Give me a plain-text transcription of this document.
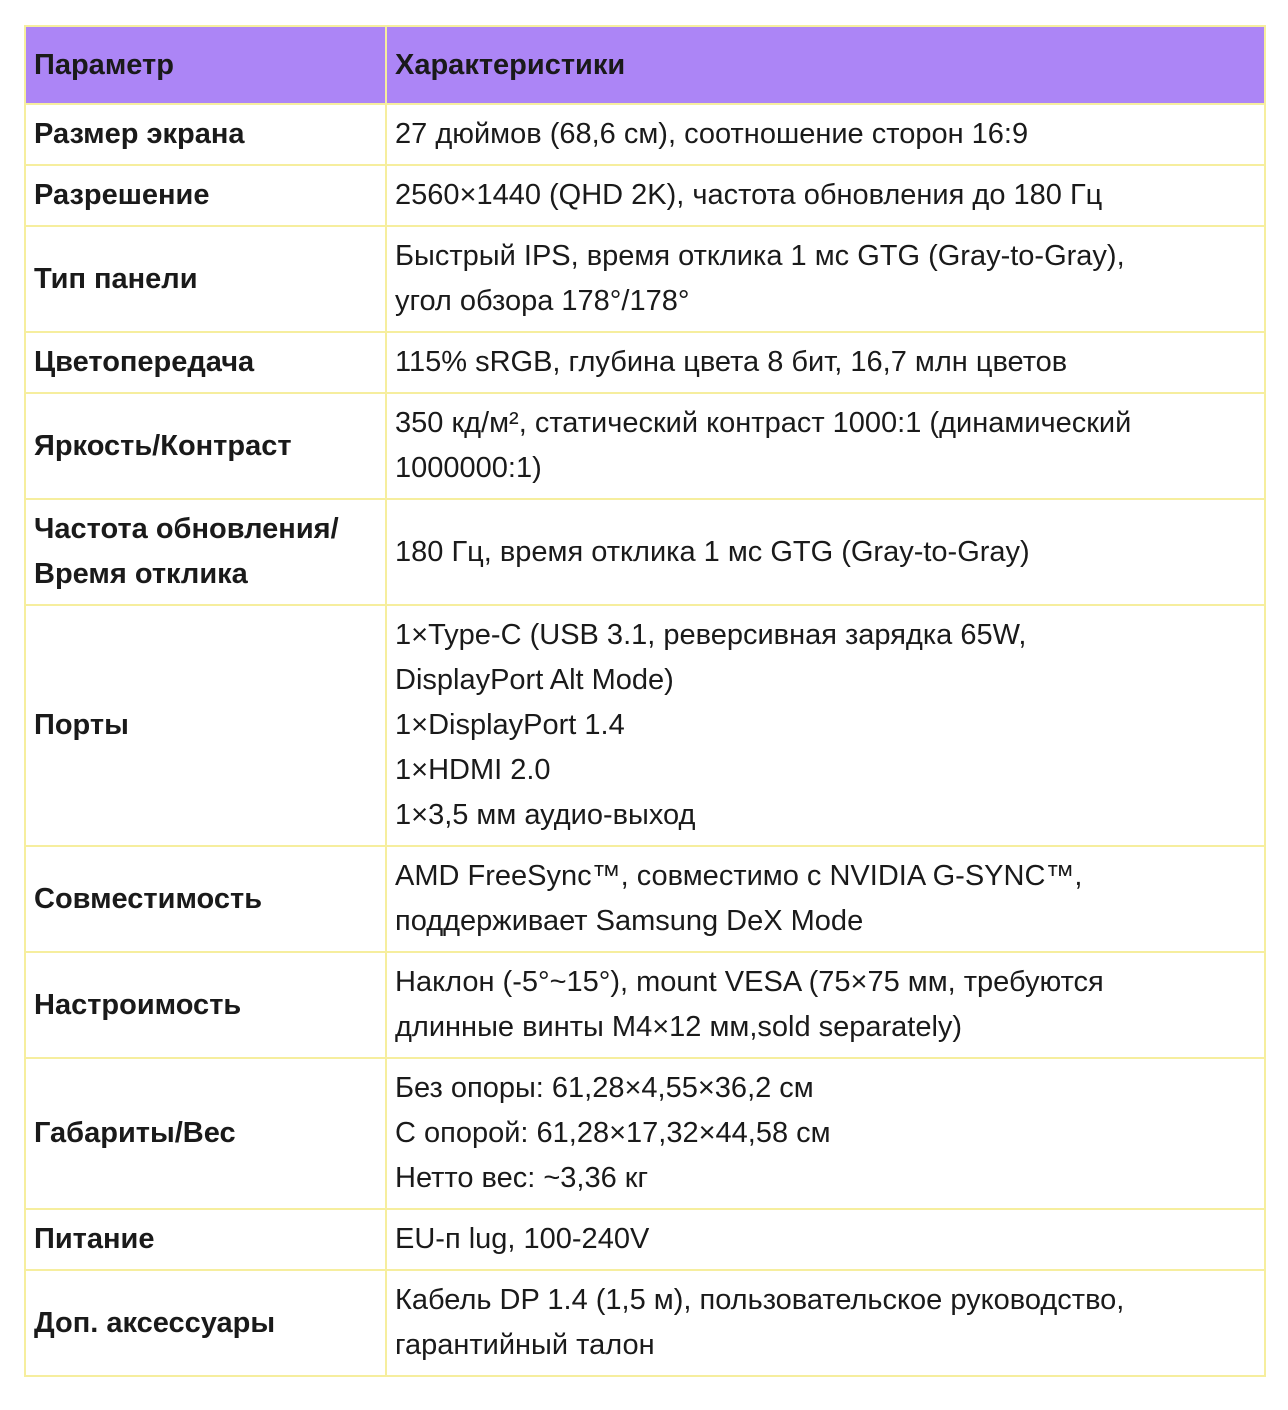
Параметр	Характеристики

Размер экрана	27 дюймов (68,6 см), соотношение сторон 16:9

Разрешение	2560×1440 (QHD 2K), частота обновления до 180 Гц

Тип панели	Быстрый IPS, время отклика 1 мс GTG (Gray-to-Gray),
угол обзора 178°/178°

Цветопередача	115% sRGB, глубина цвета 8 бит, 16,7 млн цветов

Яркость/Контраст	350 кд/м², статический контраст 1000:1 (динамический
1000000:1)

Частота обновления/
Время отклика	180 Гц, время отклика 1 мс GTG (Gray-to-Gray)

Порты	1×Type-C (USB 3.1, реверсивная зарядка 65W,
DisplayPort Alt Mode)
1×DisplayPort 1.4
1×HDMI 2.0
1×3,5 мм аудио-выход

Совместимость	AMD FreeSync™, совместимо с NVIDIA G-SYNC™,
поддерживает Samsung DeX Mode

Настроимость	Наклон (-5°~15°), mount VESA (75×75 мм, требуются
длинные винты M4×12 мм,sold separately)

Габариты/Вес	Без опоры: 61,28×4,55×36,2 см
С опорой: 61,28×17,32×44,58 см
Нетто вес: ~3,36 кг

Питание	EU-п lug, 100-240V

Доп. аксессуары	Кабель DP 1.4 (1,5 м), пользовательское руководство,
гарантийный талон
